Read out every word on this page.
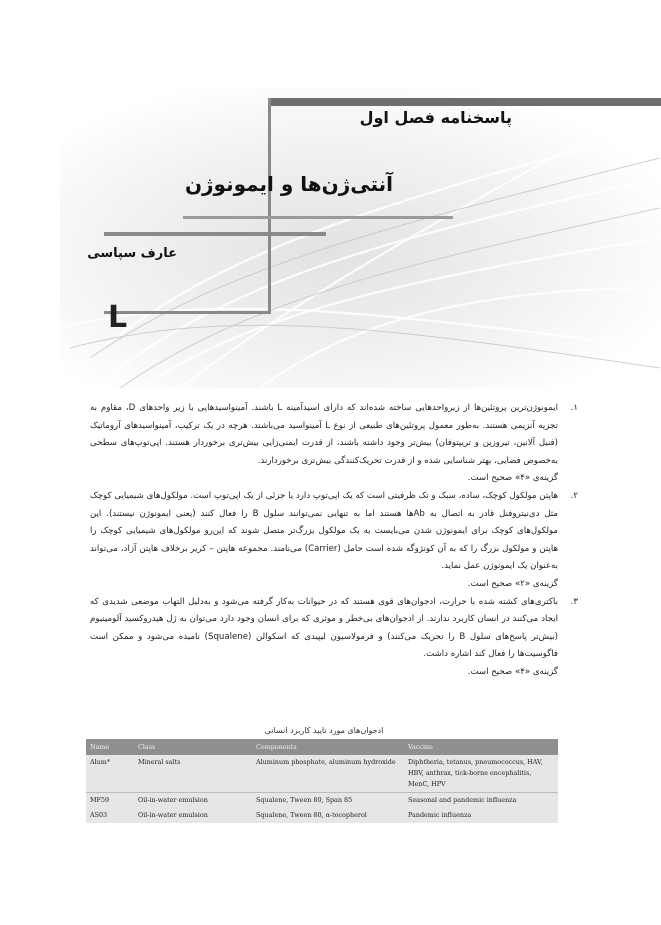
پاسخنامه فصل اول
آنتی‌ژن‌ها و ایمونوژن
عارف سپاسی
L
.۱

ایمونوژن‌ترین پروتئین‌ها از زیرواحدهایی ساخته شده‌اند که دارای اسیدآمینه L باشند. آمینواسیدهایی با زیر واحدهای D، مقاوم به تجزیه آنزیمی هستند. به‌طور معمول پروتئین‌های طبیعی از نوع L آمینواسید می‌باشند. هرچه در یک ترکیب، آمینواسیدهای آروماتیک (فنیل آلانین، تیروزین و تریپتوفان) بیش‌تر وجود داشته باشند، از قدرت ایمنی‌زایی بیش‌تری برخوردار هستند. اپی‌توپ‌های سطحی به‌خصوص فضایی، بهتر شناسایی شده و از قدرت تحریک‌کنندگی بیش‌تری برخوردارند.

گزینه‌ی «۴» صحیح است.

.۲

هاپتن مولکول کوچک، ساده، سبک و تک ظرفیتی است که یک اپی‌توپ دارد یا جزئی از یک اپی‌توپ است. مولکول‌های شیمیایی کوچک مثل دی‌نیتروفنل قادر به اتصال به Abها هستند اما به تنهایی نمی‌توانند سلول B را فعال کنند (یعنی ایمونوژن نیستند). این مولکول‌های کوچک برای ایمونوژن شدن می‌بایست به یک مولکول بزرگ‌تر متصل شوند که این‌رو مولکول‌های شیمیایی کوچک را هاپتن و مولکول بزرگ را که به آن کونژوگه شده است حامل (Carrier) می‌نامند. مجموعه هاپتن – کریر برخلاف هاپتن آزاد، می‌تواند به‌عنوان یک ایمونوژن عمل نماید.

گزینه‌ی «۲» صحیح است.

.۳

باکتری‌های کشته شده با حرارت، ادجوان‌های قوی هستند که در حیوانات به‌کار گرفته می‌شود و به‌دلیل التهاب موضعی شدیدی که ایجاد می‌کنند در انسان کاربرد ندارند. از ادجوان‌های بی‌خطر و موثری که برای انسان وجود دارد می‌توان به ژل هیدروکسید آلومینیوم (بیش‌تر پاسخ‌های سلول B را تحریک می‌کنند) و فرمولاسیون لیپیدی که اسکوالن (Squalene) نامیده می‌شود و ممکن است فاگوسیت‌ها را فعال کند اشاره داشت.

گزینه‌ی «۴» صحیح است.

ادجوان‌های مورد تایید کاربرد انسانی
Name	Class	Components	Vaccine
Alum*	Mineral salts	Aluminum phosphate, aluminum hydroxide	Diphtheria, tetanus, pneumococcus, HAV, HBV, anthrax, tick-borne encephalitis, MenC, HPV
MF59	Oil-in-water emulsion	Squalene, Tween 80, Span 85	Seasonal and pandemic influenza
AS03	Oil-in-water emulsion	Squalene, Tween 80, α-tocopherol	Pandemic influenza
